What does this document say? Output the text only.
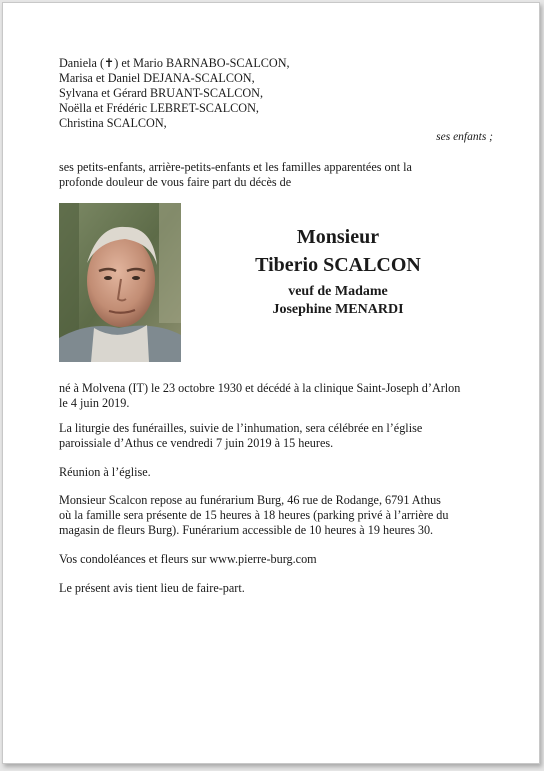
Daniela (✝) et Mario BARNABO-SCALCON,
Marisa et Daniel DEJANA-SCALCON,
Sylvana et Gérard BRUANT-SCALCON,
Noëlla et Frédéric LEBRET-SCALCON,
Christina SCALCON,
ses enfants ;
ses petits-enfants, arrière-petits-enfants et les familles apparentées ont la
profonde douleur de vous faire part du décès de
Monsieur
Tiberio SCALCON
veuf de Madame
Josephine MENARDI
né à Molvena (IT) le 23 octobre 1930 et décédé à la clinique Saint-Joseph d’Arlon
le 4 juin 2019.
La liturgie des funérailles, suivie de l’inhumation, sera célébrée en l’église
paroissiale d’Athus ce vendredi 7 juin 2019 à 15 heures.
Réunion à l’église.
Monsieur Scalcon repose au funérarium Burg, 46 rue de Rodange, 6791 Athus
où la famille sera présente de 15 heures à 18 heures (parking privé à l’arrière du
magasin de fleurs Burg). Funérarium accessible de 10 heures à 19 heures 30.
Vos condoléances et fleurs sur www.pierre-burg.com
Le présent avis tient lieu de faire-part.
